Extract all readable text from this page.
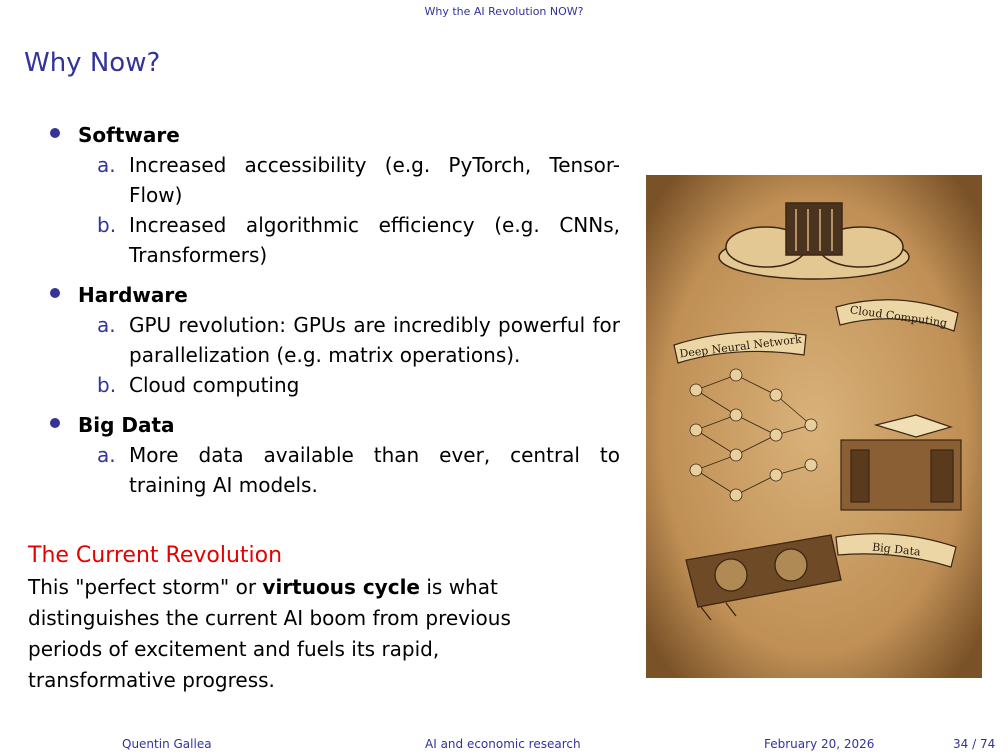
Why the AI Revolution NOW?
Why Now?
Software
a. Increased accessibility (e.g. PyTorch, Tensor-Flow)
b. Increased algorithmic efficiency (e.g. CNNs, Transformers)
Hardware
a. GPU revolution: GPUs are incredibly powerful for parallelization (e.g. matrix operations).
b. Cloud computing
Big Data
a. More data available than ever, central to training AI models.
The Current Revolution
This "perfect storm" or virtuous cycle is what distinguishes the current AI boom from previous periods of excitement and fuels its rapid, transformative progress.
Cloud Computing
Deep Neural Network
Big Data
Quentin Gallea	AI and economic research	February 20, 2026	34 / 74
